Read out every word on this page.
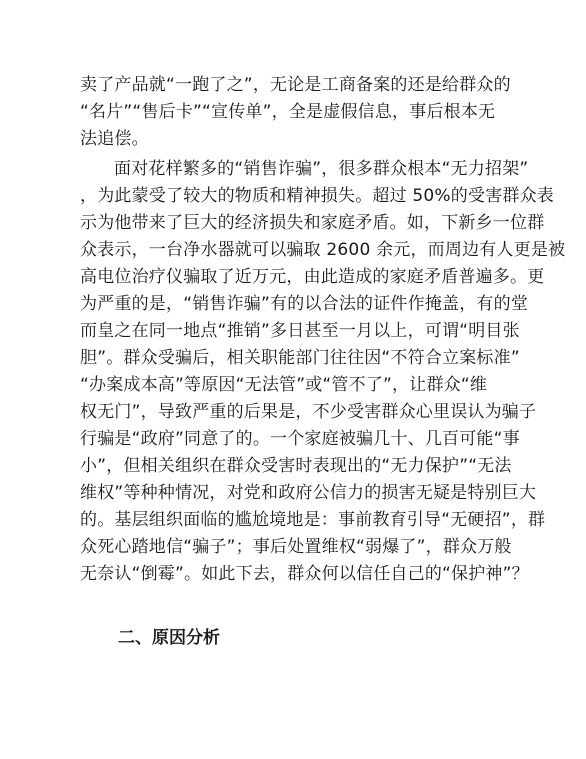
卖了产品就“一跑了之”，无论是工商备案的还是给群众的
“名片”“售后卡”“宣传单”，全是虚假信息，事后根本无
法追偿。
面对花样繁多的“销售诈骗”，很多群众根本“无力招架”
，为此蒙受了较大的物质和精神损失。超过 50%的受害群众表
示为他带来了巨大的经济损失和家庭矛盾。如，下新乡一位群
众表示，一台净水器就可以骗取 2600 余元，而周边有人更是被
高电位治疗仪骗取了近万元，由此造成的家庭矛盾普遍多。更
为严重的是，“销售诈骗”有的以合法的证件作掩盖，有的堂
而皇之在同一地点“推销”多日甚至一月以上，可谓“明目张
胆”。群众受骗后，相关职能部门往往因“不符合立案标准”
“办案成本高”等原因“无法管”或“管不了”，让群众“维
权无门”，导致严重的后果是，不少受害群众心里误认为骗子
行骗是“政府”同意了的。一个家庭被骗几十、几百可能“事
小”，但相关组织在群众受害时表现出的“无力保护”“无法
维权”等种种情况，对党和政府公信力的损害无疑是特别巨大
的。基层组织面临的尴尬境地是：事前教育引导“无硬招”，群
众死心踏地信“骗子”；事后处置维权“弱爆了”，群众万般
无奈认“倒霉”。如此下去，群众何以信任自己的“保护神”？
二、原因分析
